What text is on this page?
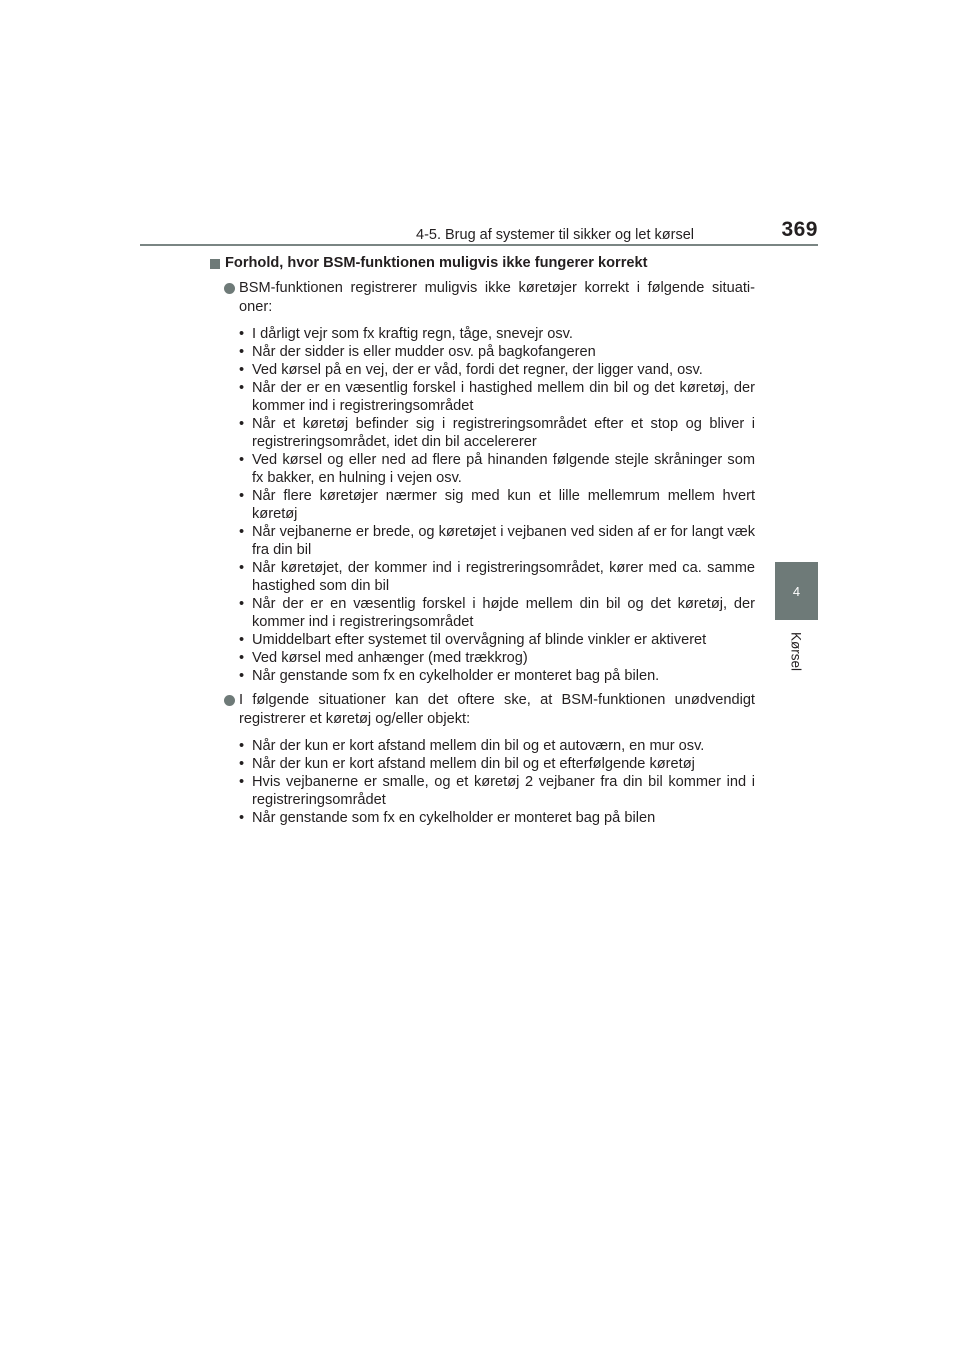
4-5. Brug af systemer til sikker og let kørsel	369
4
Kørsel
Forhold, hvor BSM-funktionen muligvis ikke fungerer korrekt
BSM-funktionen registrerer muligvis ikke køretøjer korrekt i følgende situati-oner:
• I dårligt vejr som fx kraftig regn, tåge, snevejr osv.
• Når der sidder is eller mudder osv. på bagkofangeren
• Ved kørsel på en vej, der er våd, fordi det regner, der ligger vand, osv.
• Når der er en væsentlig forskel i hastighed mellem din bil og det køretøj, der kommer ind i registreringsområdet
• Når et køretøj befinder sig i registreringsområdet efter et stop og bliver i registreringsområdet, idet din bil accelererer
• Ved kørsel og eller ned ad flere på hinanden følgende stejle skråninger som fx bakker, en hulning i vejen osv.
• Når flere køretøjer nærmer sig med kun et lille mellemrum mellem hvert køretøj
• Når vejbanerne er brede, og køretøjet i vejbanen ved siden af er for langt væk fra din bil
• Når køretøjet, der kommer ind i registreringsområdet, kører med ca. samme hastighed som din bil
• Når der er en væsentlig forskel i højde mellem din bil og det køretøj, der kommer ind i registreringsområdet
• Umiddelbart efter systemet til overvågning af blinde vinkler er aktiveret
• Ved kørsel med anhænger (med trækkrog)
• Når genstande som fx en cykelholder er monteret bag på bilen.
I følgende situationer kan det oftere ske, at BSM-funktionen unødvendigt registrerer et køretøj og/eller objekt:
• Når der kun er kort afstand mellem din bil og et autoværn, en mur osv.
• Når der kun er kort afstand mellem din bil og et efterfølgende køretøj
• Hvis vejbanerne er smalle, og et køretøj 2 vejbaner fra din bil kommer ind i registreringsområdet
• Når genstande som fx en cykelholder er monteret bag på bilen
